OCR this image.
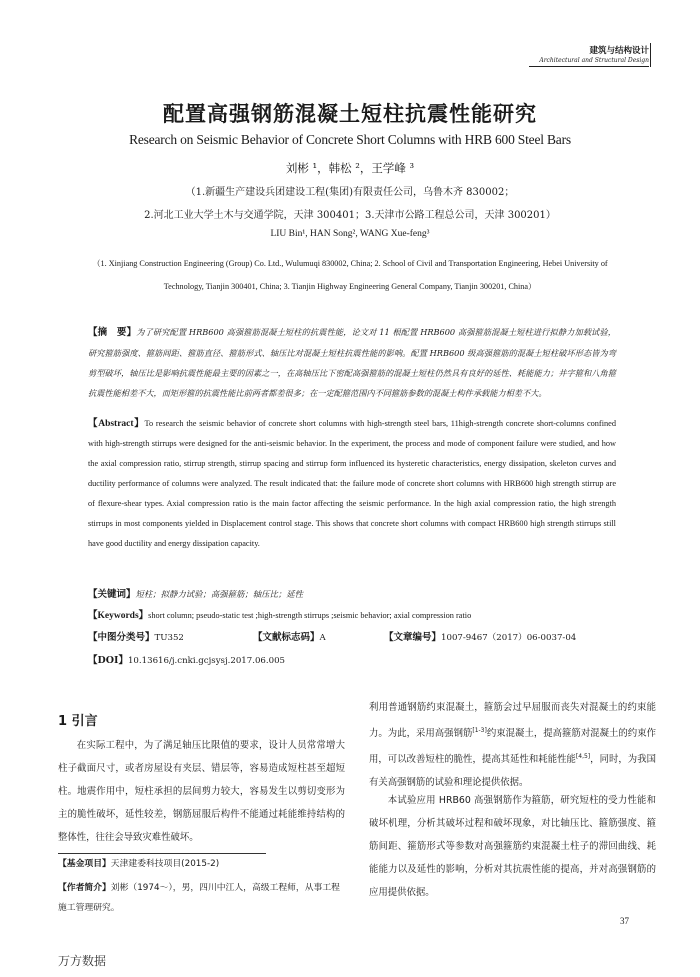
建筑与结构设计
Architectural and Structural Design
配置高强钢筋混凝土短柱抗震性能研究
Research on Seismic Behavior of Concrete Short Columns with HRB 600 Steel Bars
刘彬 ¹，韩松 ²，王学峰 ³
（1.新疆生产建设兵团建设工程(集团)有限责任公司，乌鲁木齐 830002；
2.河北工业大学土木与交通学院，天津 300401；3.天津市公路工程总公司，天津 300201）
LIU Bin¹, HAN Song², WANG Xue-feng³
（1. Xinjiang Construction Engineering (Group) Co. Ltd., Wulumuqi 830002, China; 2. School of Civil and Transportation Engineering, Hebei University of Technology, Tianjin 300401, China; 3. Tianjin Highway Engineering General Company, Tianjin 300201, China）
【摘　要】为了研究配置 HRB600 高强箍筋混凝土短柱的抗震性能，论文对 11 根配置 HRB600 高强箍筋混凝土短柱进行拟静力加载试验，研究箍筋强度、箍筋间距、箍筋直径、箍筋形式、轴压比对混凝土短柱抗震性能的影响。配置 HRB600 级高强箍筋的混凝土短柱破坏形态皆为弯剪型破坏，轴压比是影响抗震性能最主要的因素之一，在高轴压比下密配高强箍筋的混凝土短柱仍然具有良好的延性、耗能能力；井字箍和八角箍抗震性能相差不大，而矩形箍的抗震性能比前两者都差很多；在一定配箍范围内不同箍筋参数的混凝土构件承载能力相差不大。
【Abstract】To research the seismic behavior of concrete short columns with high-strength steel bars, 11high-strength concrete short-columns confined with high-strength stirrups were designed for the anti-seismic behavior. In the experiment, the process and mode of component failure were studied, and how the axial compression ratio, stirrup strength, stirrup spacing and stirrup form influenced its hysteretic characteristics, energy dissipation, skeleton curves and ductility performance of columns were analyzed. The result indicated that: the failure mode of concrete short columns with HRB600 high strength stirrup are of flexure-shear types. Axial compression ratio is the main factor affecting the seismic performance. In the high axial compression ratio, the high strength stirrups in most components yielded in Displacement control stage. This shows that concrete short columns with compact HRB600 high strength stirrups still have good ductility and energy dissipation capacity.
【关键词】短柱；拟静力试验；高强箍筋；轴压比；延性
【Keywords】short column; pseudo-static test ;high-strength stirrups ;seismic behavior; axial compression ratio
【中图分类号】TU352	【文献标志码】A	【文章编号】1007-9467（2017）06-0037-04
【DOI】10.13616/j.cnki.gcjsysj.2017.06.005
1 引言
在实际工程中，为了满足轴压比限值的要求，设计人员常常增大柱子截面尺寸，或者房屋设有夹层、错层等，容易造成短柱甚至超短柱。地震作用中，短柱承担的层间剪力较大，容易发生以剪切变形为主的脆性破坏，延性较差，钢筋屈服后构件不能通过耗能维持结构的整体性，往往会导致灾难性破坏。
利用普通钢筋约束混凝土，箍筋会过早屈服而丧失对混凝土的约束能力。为此，采用高强钢筋[1-3]约束混凝土，提高箍筋对混凝土的约束作用，可以改善短柱的脆性，提高其延性和耗能性能[4,5]，同时，为我国有关高强钢筋的试验和理论提供依据。
本试验应用 HRB60 高强钢筋作为箍筋，研究短柱的受力性能和破坏机理，分析其破坏过程和破坏现象，对比轴压比、箍筋强度、箍筋间距、箍筋形式等参数对高强箍筋约束混凝土柱子的滞回曲线、耗能能力以及延性的影响，分析对其抗震性能的提高，并对高强钢筋的应用提供依据。
【基金项目】天津建委科技项目(2015-2)
【作者简介】刘彬（1974～），男，四川中江人，高级工程师，从事工程施工管理研究。
37
万方数据
